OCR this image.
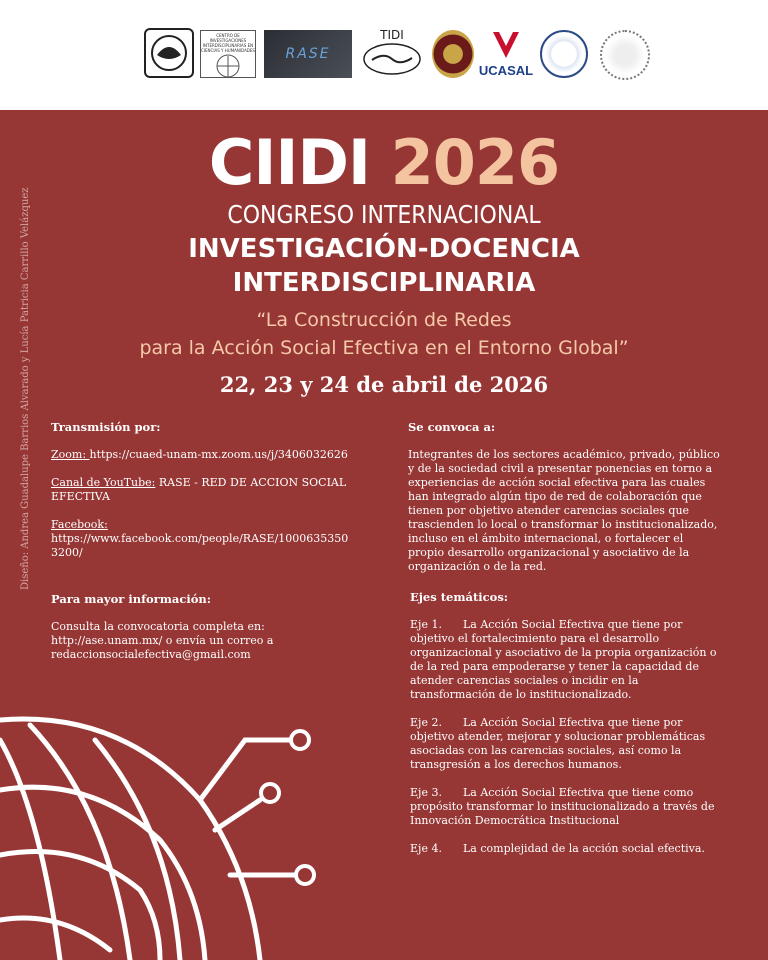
CENTRO DE INVESTIGACIONES INTERDISCIPLINARIAS EN CIENCIAS Y HUMANIDADES RASE
TIDI
UCASAL
Diseño: Andrea Guadalupe Barrios Alvarado y Lucía Patricia Carrillo Velázquez
CIIDI 2026
CONGRESO INTERNACIONAL
INVESTIGACIÓN-DOCENCIA
INTERDISCIPLINARIA
“La Construcción de Redes
para la Acción Social Efectiva en el Entorno Global”
22, 23 y 24 de abril de 2026
Transmisión por:
Zoom: https://cuaed-unam-mx.zoom.us/j/3406032626
Canal de YouTube: RASE - RED DE ACCION SOCIAL EFECTIVA
Facebook:
https://www.facebook.com/people/RASE/10006353503200/
Para mayor información:
Consulta la convocatoria completa en: http://ase.unam.mx/ o envía un correo a redaccionsocialefectiva@gmail.com
Se convoca a:
Integrantes de los sectores académico, privado, público y de la sociedad civil a presentar ponencias en torno a experiencias de acción social efectiva para las cuales han integrado algún tipo de red de colaboración que tienen por objetivo atender carencias sociales que trascienden lo local o transformar lo institucionalizado, incluso en el ámbito internacional, o fortalecer el propio desarrollo organizacional y asociativo de la organización o de la red.
Ejes temáticos:
Eje 1. La Acción Social Efectiva que tiene por objetivo el fortalecimiento para el desarrollo organizacional y asociativo de la propia organización o de la red para empoderarse y tener la capacidad de atender carencias sociales o incidir en la transformación de lo institucionalizado.
Eje 2. La Acción Social Efectiva que tiene por objetivo atender, mejorar y solucionar problemáticas asociadas con las carencias sociales, así como la transgresión a los derechos humanos.
Eje 3. La Acción Social Efectiva que tiene como propósito transformar lo institucionalizado a través de Innovación Democrática Institucional
Eje 4. La complejidad de la acción social efectiva.
